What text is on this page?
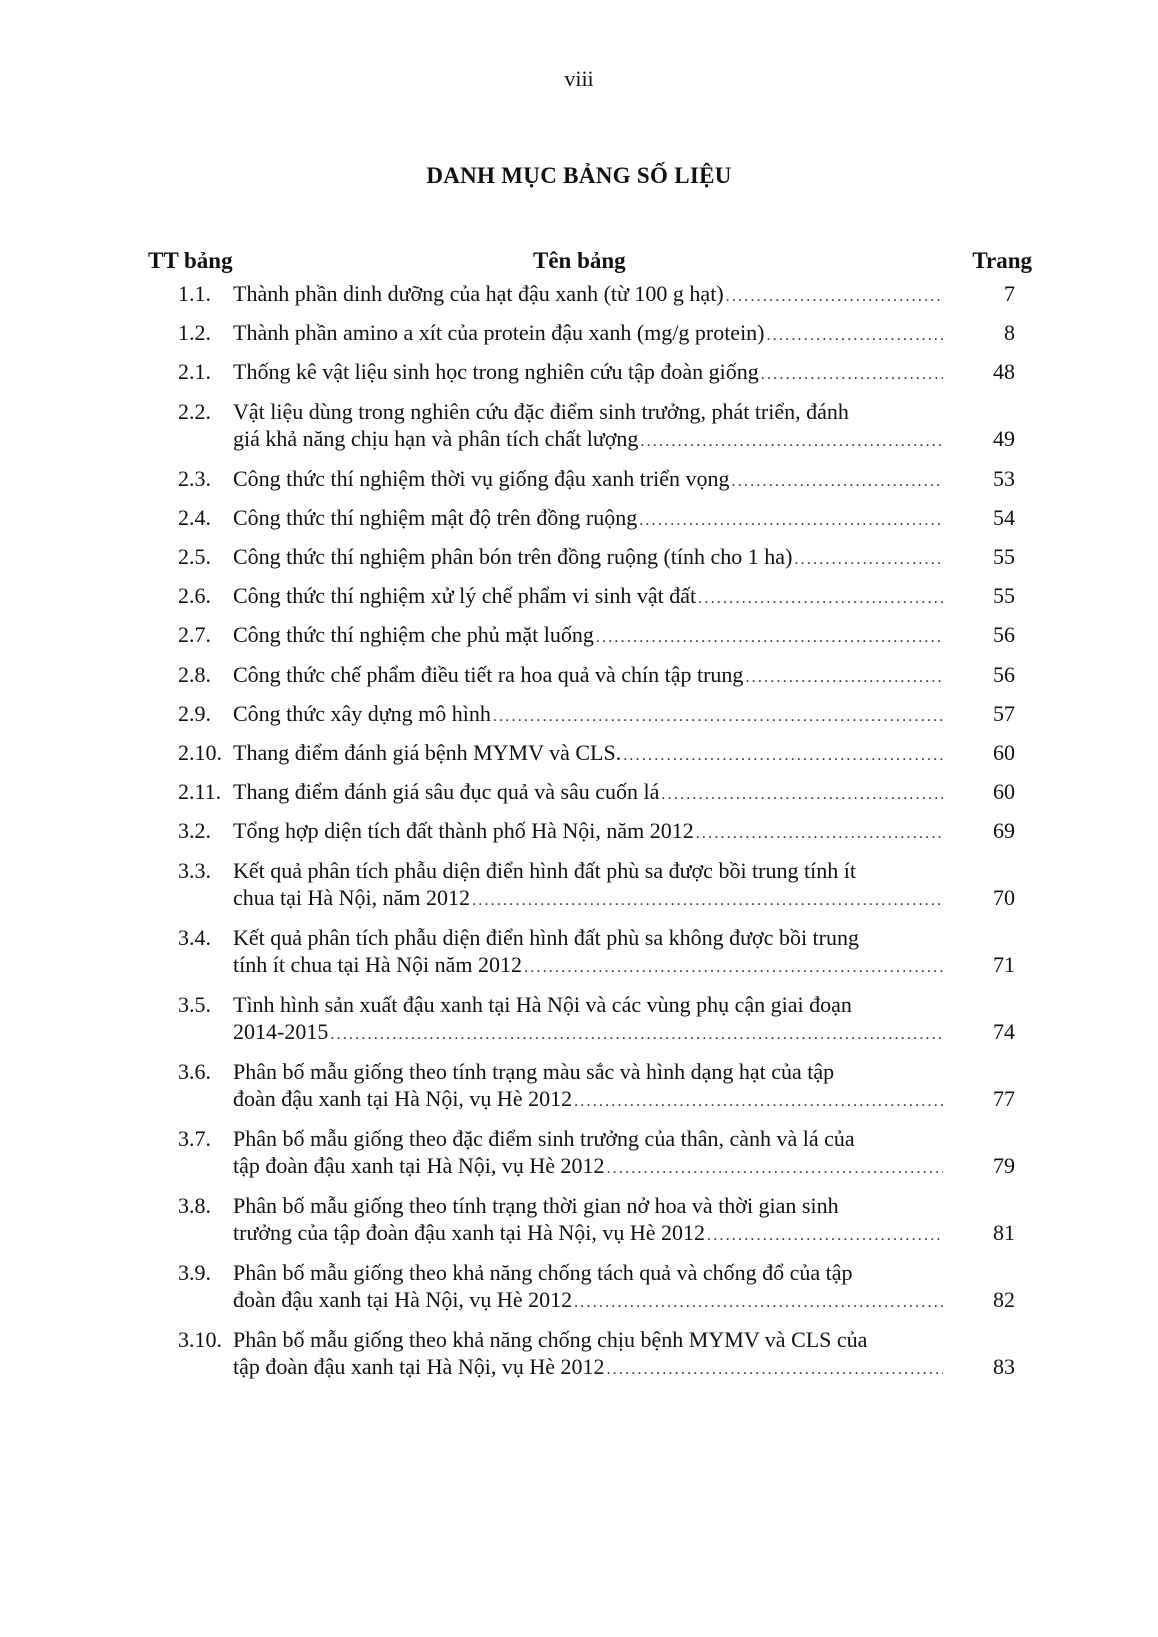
viii
DANH MỤC BẢNG SỐ LIỆU
TT bảng	Tên bảng	Trang
1.1. Thành phần dinh dưỡng của hạt đậu xanh (từ 100 g hạt) .....	7
1.2. Thành phần amino a xít của protein đậu xanh (mg/g protein) .....	8
2.1. Thống kê vật liệu sinh học trong nghiên cứu tập đoàn giống .....	48
2.2. Vật liệu dùng trong nghiên cứu đặc điểm sinh trưởng, phát triển, đánh
giá khả năng chịu hạn và phân tích chất lượng .....	49
2.3. Công thức thí nghiệm thời vụ giống đậu xanh triển vọng .....	53
2.4. Công thức thí nghiệm mật độ trên đồng ruộng .....	54
2.5. Công thức thí nghiệm phân bón trên đồng ruộng (tính cho 1 ha) .....	55
2.6. Công thức thí nghiệm xử lý chế phẩm vi sinh vật đất .....	55
2.7. Công thức thí nghiệm che phủ mặt luống .....	56
2.8. Công thức chế phẩm điều tiết ra hoa quả và chín tập trung .....	56
2.9. Công thức xây dựng mô hình .....	57
2.10. Thang điểm đánh giá bệnh MYMV và CLS. .....	60
2.11. Thang điểm đánh giá sâu đục quả và sâu cuốn lá .....	60
3.2. Tổng hợp diện tích đất thành phố Hà Nội, năm 2012 .....	69
3.3. Kết quả phân tích phẫu diện điển hình đất phù sa được bồi trung tính ít
chua tại Hà Nội, năm 2012 .....	70
3.4. Kết quả phân tích phẫu diện điển hình đất phù sa không được bồi trung
tính ít chua tại Hà Nội năm 2012 .....	71
3.5. Tình hình sản xuất đậu xanh tại Hà Nội và các vùng phụ cận giai đoạn
2014-2015 .....	74
3.6. Phân bố mẫu giống theo tính trạng màu sắc và hình dạng hạt của tập
đoàn đậu xanh tại Hà Nội, vụ Hè 2012 .....	77
3.7. Phân bố mẫu giống theo đặc điểm sinh trưởng của thân, cành và lá của
tập đoàn đậu xanh tại Hà Nội, vụ Hè 2012 .....	79
3.8. Phân bố mẫu giống theo tính trạng thời gian nở hoa và thời gian sinh
trưởng của tập đoàn đậu xanh tại Hà Nội, vụ Hè 2012 .....	81
3.9. Phân bố mẫu giống theo khả năng chống tách quả và chống đổ của tập
đoàn đậu xanh tại Hà Nội, vụ Hè 2012 .....	82
3.10. Phân bố mẫu giống theo khả năng chống chịu bệnh MYMV và CLS của
tập đoàn đậu xanh tại Hà Nội, vụ Hè 2012 .....	83
